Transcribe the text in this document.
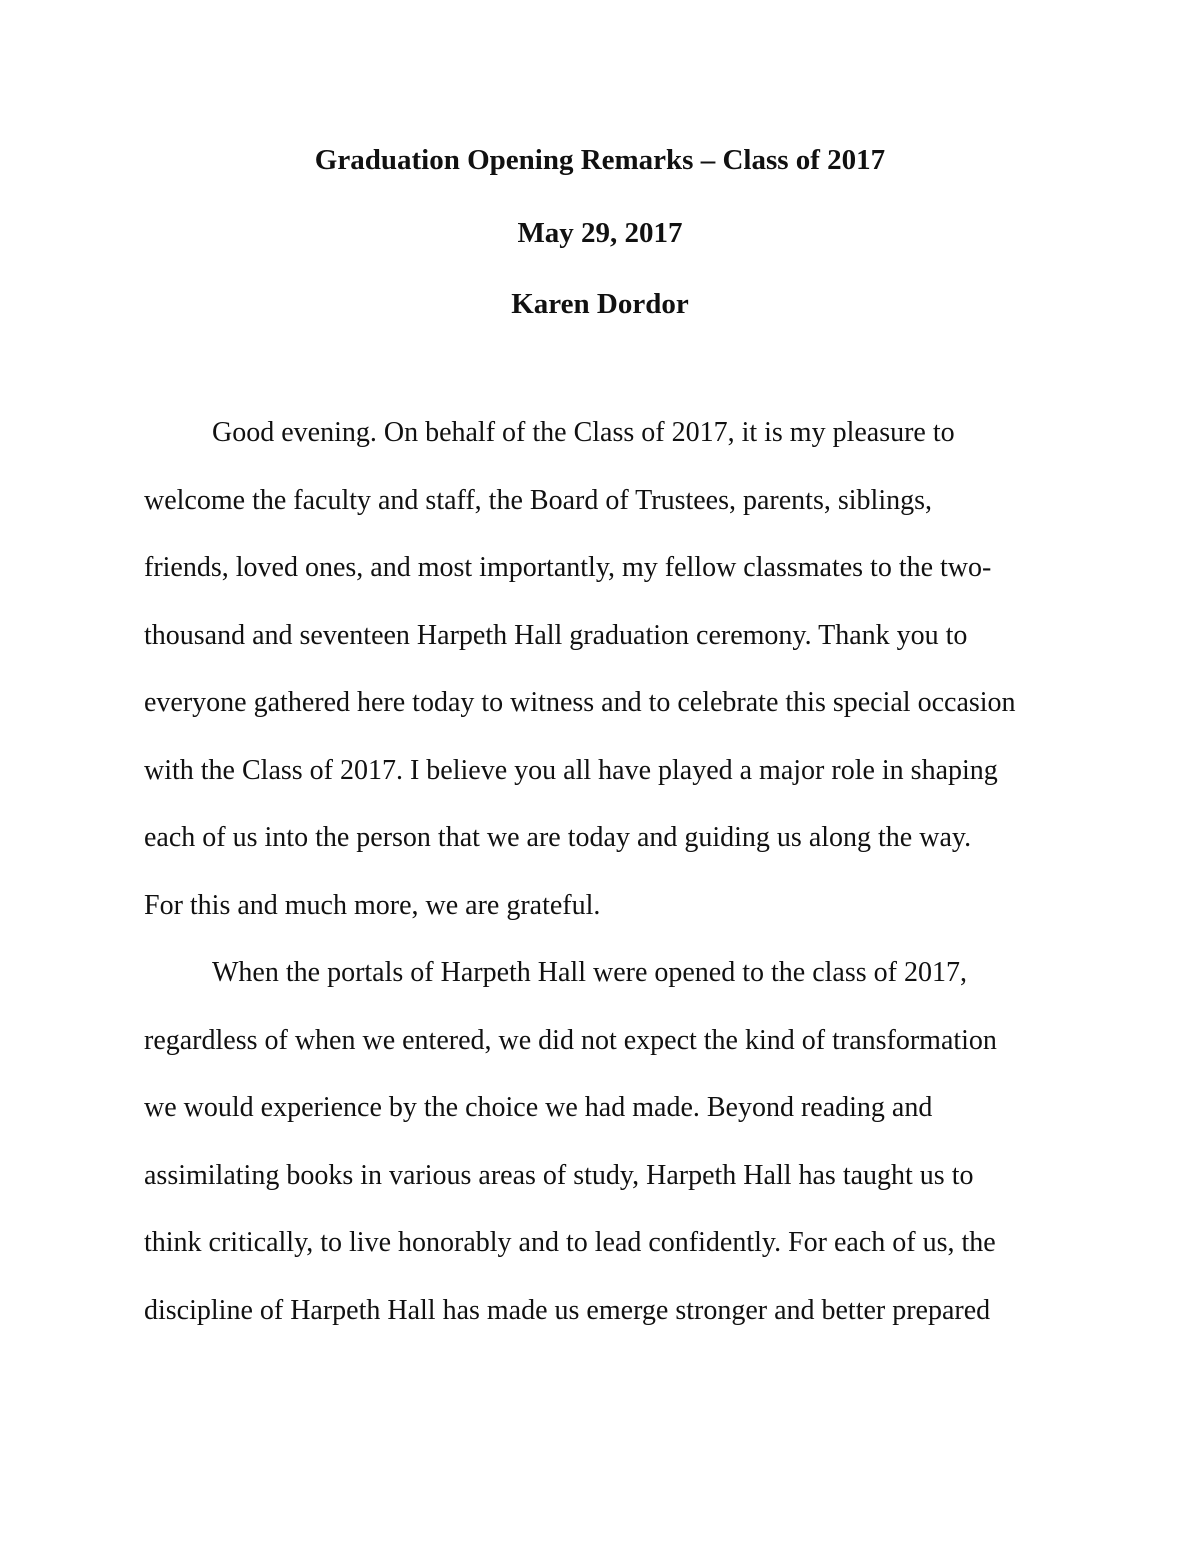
Graduation Opening Remarks – Class of 2017
May 29, 2017
Karen Dordor

Good evening. On behalf of the Class of 2017, it is my pleasure to

welcome the faculty and staff, the Board of Trustees, parents, siblings,

friends, loved ones, and most importantly, my fellow classmates to the two-

thousand and seventeen Harpeth Hall graduation ceremony. Thank you to

everyone gathered here today to witness and to celebrate this special occasion

with the Class of 2017. I believe you all have played a major role in shaping

each of us into the person that we are today and guiding us along the way.

For this and much more, we are grateful.

When the portals of Harpeth Hall were opened to the class of 2017,

regardless of when we entered, we did not expect the kind of transformation

we would experience by the choice we had made. Beyond reading and

assimilating books in various areas of study, Harpeth Hall has taught us to

think critically, to live honorably and to lead confidently. For each of us, the

discipline of Harpeth Hall has made us emerge stronger and better prepared
